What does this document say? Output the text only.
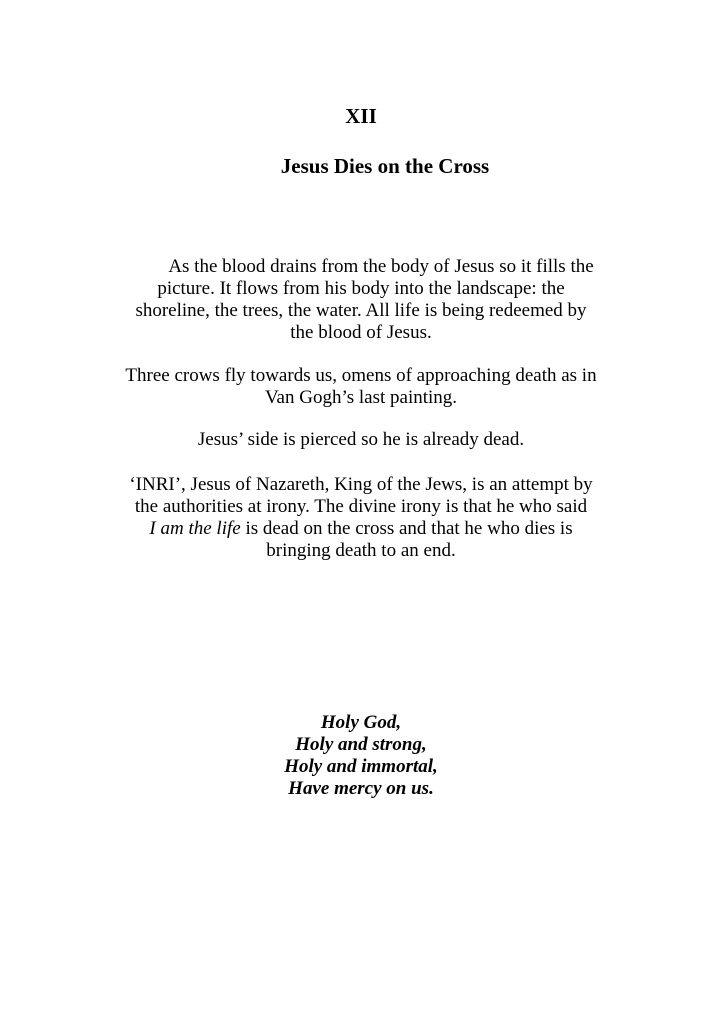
XII
Jesus Dies on the Cross
As the blood drains from the body of Jesus so it fills the
picture. It flows from his body into the landscape: the
shoreline, the trees, the water. All life is being redeemed by
the blood of Jesus.
Three crows fly towards us, omens of approaching death as in
Van Gogh’s last painting.
Jesus’ side is pierced so he is already dead.
‘INRI’, Jesus of Nazareth, King of the Jews, is an attempt by
the authorities at irony. The divine irony is that he who said
I am the life is dead on the cross and that he who dies is
bringing death to an end.
Holy God,
Holy and strong,
Holy and immortal,
Have mercy on us.
